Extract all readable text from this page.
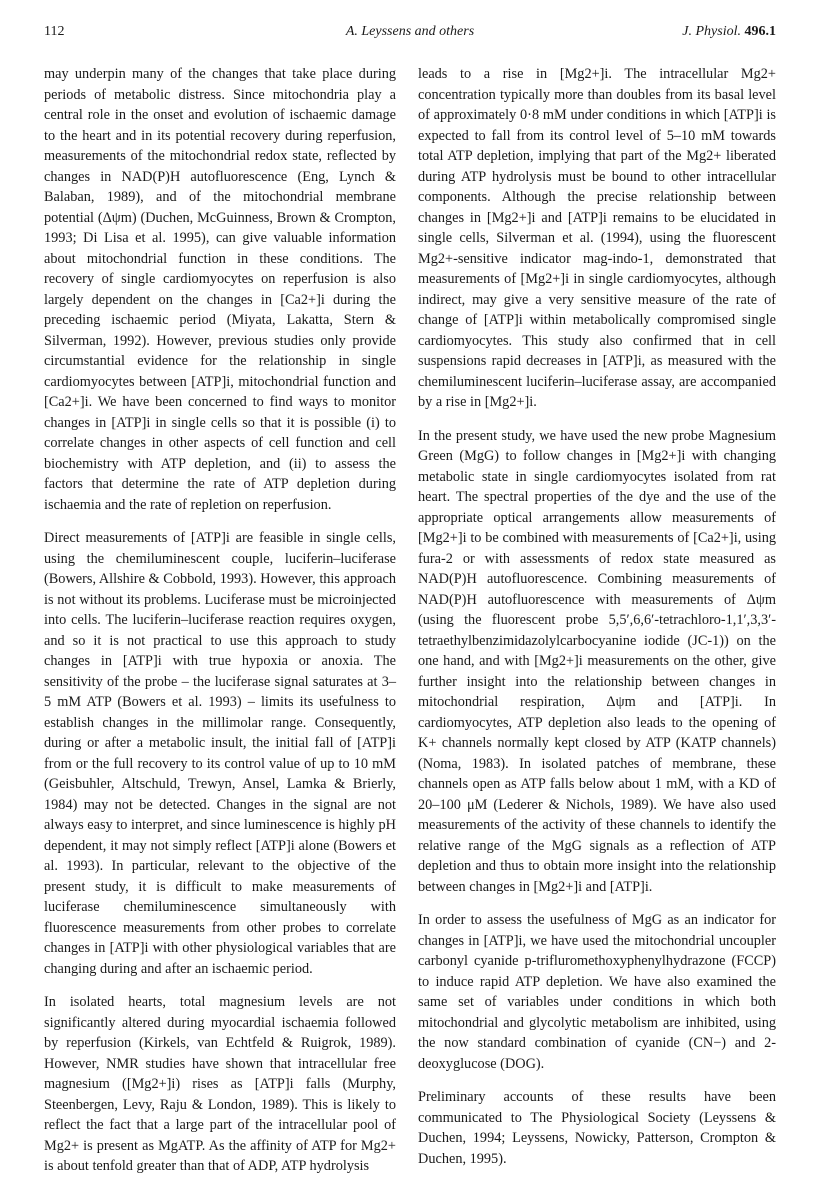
112	A. Leyssens and others	J. Physiol. 496.1

may underpin many of the changes that take place during periods of metabolic distress. Since mitochondria play a central role in the onset and evolution of ischaemic damage to the heart and in its potential recovery during reperfusion, measurements of the mitochondrial redox state, reflected by changes in NAD(P)H autofluorescence (Eng, Lynch & Balaban, 1989), and of the mitochondrial membrane potential (Δψm) (Duchen, McGuinness, Brown & Crompton, 1993; Di Lisa et al. 1995), can give valuable information about mitochondrial function in these conditions. The recovery of single cardiomyocytes on reperfusion is also largely dependent on the changes in [Ca2+]i during the preceding ischaemic period (Miyata, Lakatta, Stern & Silverman, 1992). However, previous studies only provide circumstantial evidence for the relationship in single cardiomyocytes between [ATP]i, mitochondrial function and [Ca2+]i. We have been concerned to find ways to monitor changes in [ATP]i in single cells so that it is possible (i) to correlate changes in other aspects of cell function and cell biochemistry with ATP depletion, and (ii) to assess the factors that determine the rate of ATP depletion during ischaemia and the rate of repletion on reperfusion.

Direct measurements of [ATP]i are feasible in single cells, using the chemiluminescent couple, luciferin–luciferase (Bowers, Allshire & Cobbold, 1993). However, this approach is not without its problems. Luciferase must be microinjected into cells. The luciferin–luciferase reaction requires oxygen, and so it is not practical to use this approach to study changes in [ATP]i with true hypoxia or anoxia. The sensitivity of the probe – the luciferase signal saturates at 3–5 mM ATP (Bowers et al. 1993) – limits its usefulness to establish changes in the millimolar range. Consequently, during or after a metabolic insult, the initial fall of [ATP]i from or the full recovery to its control value of up to 10 mM (Geisbuhler, Altschuld, Trewyn, Ansel, Lamka & Brierly, 1984) may not be detected. Changes in the signal are not always easy to interpret, and since luminescence is highly pH dependent, it may not simply reflect [ATP]i alone (Bowers et al. 1993). In particular, relevant to the objective of the present study, it is difficult to make measurements of luciferase chemiluminescence simultaneously with fluorescence measurements from other probes to correlate changes in [ATP]i with other physiological variables that are changing during and after an ischaemic period.

In isolated hearts, total magnesium levels are not significantly altered during myocardial ischaemia followed by reperfusion (Kirkels, van Echtfeld & Ruigrok, 1989). However, NMR studies have shown that intracellular free magnesium ([Mg2+]i) rises as [ATP]i falls (Murphy, Steenbergen, Levy, Raju & London, 1989). This is likely to reflect the fact that a large part of the intracellular pool of Mg2+ is present as MgATP. As the affinity of ATP for Mg2+ is about tenfold greater than that of ADP, ATP hydrolysis

leads to a rise in [Mg2+]i. The intracellular Mg2+ concentration typically more than doubles from its basal level of approximately 0·8 mM under conditions in which [ATP]i is expected to fall from its control level of 5–10 mM towards total ATP depletion, implying that part of the Mg2+ liberated during ATP hydrolysis must be bound to other intracellular components. Although the precise relationship between changes in [Mg2+]i and [ATP]i remains to be elucidated in single cells, Silverman et al. (1994), using the fluorescent Mg2+-sensitive indicator mag-indo-1, demonstrated that measurements of [Mg2+]i in single cardiomyocytes, although indirect, may give a very sensitive measure of the rate of change of [ATP]i within metabolically compromised single cardiomyocytes. This study also confirmed that in cell suspensions rapid decreases in [ATP]i, as measured with the chemiluminescent luciferin–luciferase assay, are accompanied by a rise in [Mg2+]i.

In the present study, we have used the new probe Magnesium Green (MgG) to follow changes in [Mg2+]i with changing metabolic state in single cardiomyocytes isolated from rat heart. The spectral properties of the dye and the use of the appropriate optical arrangements allow measurements of [Mg2+]i to be combined with measurements of [Ca2+]i, using fura-2 or with assessments of redox state measured as NAD(P)H autofluorescence. Combining measurements of NAD(P)H autofluorescence with measurements of Δψm (using the fluorescent probe 5,5′,6,6′-tetrachloro-1,1′,3,3′-tetraethylbenzimidazolylcarbocyanine iodide (JC-1)) on the one hand, and with [Mg2+]i measurements on the other, give further insight into the relationship between changes in mitochondrial respiration, Δψm and [ATP]i. In cardiomyocytes, ATP depletion also leads to the opening of K+ channels normally kept closed by ATP (KATP channels) (Noma, 1983). In isolated patches of membrane, these channels open as ATP falls below about 1 mM, with a KD of 20–100 μM (Lederer & Nichols, 1989). We have also used measurements of the activity of these channels to identify the relative range of the MgG signals as a reflection of ATP depletion and thus to obtain more insight into the relationship between changes in [Mg2+]i and [ATP]i.

In order to assess the usefulness of MgG as an indicator for changes in [ATP]i, we have used the mitochondrial uncoupler carbonyl cyanide p-trifluromethoxyphenylhydrazone (FCCP) to induce rapid ATP depletion. We have also examined the same set of variables under conditions in which both mitochondrial and glycolytic metabolism are inhibited, using the now standard combination of cyanide (CN−) and 2-deoxyglucose (DOG).

Preliminary accounts of these results have been communicated to The Physiological Society (Leyssens & Duchen, 1994; Leyssens, Nowicky, Patterson, Crompton & Duchen, 1995).
